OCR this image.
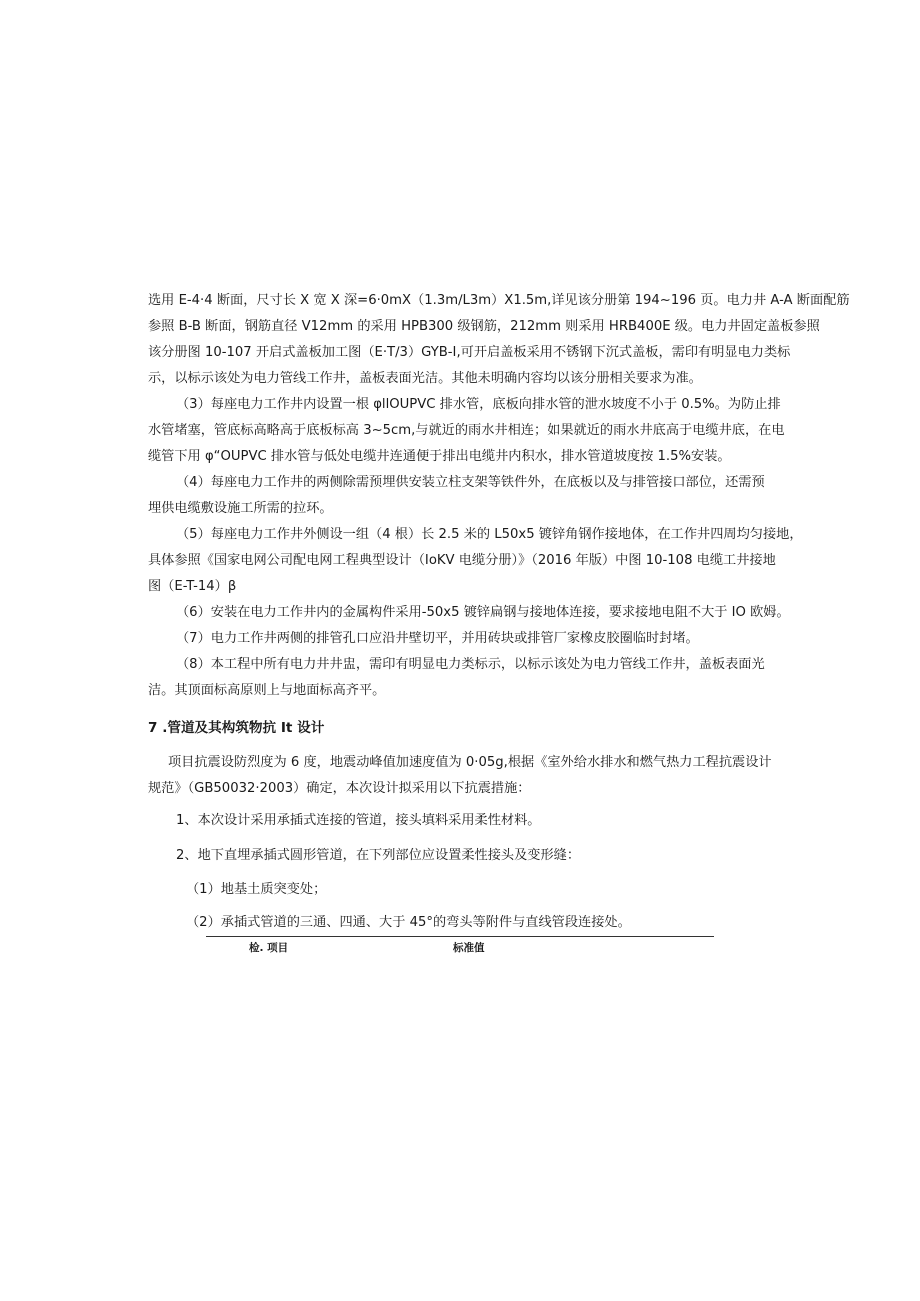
选用 E-4·4 断面，尺寸长 X 宽 X 深=6·0mX（1.3m∕L3m）X1.5m,详见该分册第 194~196 页。电力井 A-A 断面配筋

参照 B-B 断面，钢筋直径 V12mm 的采用 HPB300 级钢筋，212mm 则采用 HRB400E 级。电力井固定盖板参照

该分册图 10-107 开启式盖板加工图（E·T∕3）GYB-I,可开启盖板采用不锈钢下沉式盖板，需印有明显电力类标

示，以标示该处为电力管线工作井，盖板表面光洁。其他未明确内容均以该分册相关要求为准。

（3）每座电力工作井内设置一根 φllOUPVC 排水管，底板向排水管的泄水坡度不小于 0.5%。为防止排

水管堵塞，管底标高略高于底板标高 3~5cm,与就近的雨水井相连；如果就近的雨水井底高于电缆井底，在电

缆管下用 φ“OUPVC 排水管与低处电缆井连通便于排出电缆井内积水，排水管道坡度按 1.5%安装。

（4）每座电力工作井的两侧除需预埋供安装立柱支架等铁件外，在底板以及与排管接口部位，还需预

埋供电缆敷设施工所需的拉环。

（5）每座电力工作井外侧设一组（4 根）长 2.5 米的 L50x5 镀锌角钢作接地体，在工作井四周均匀接地，

具体参照《国家电网公司配电网工程典型设计（IoKV 电缆分册）》（2016 年版）中图 10-108 电缆工井接地

图（E-T-14）β

（6）安装在电力工作井内的金属构件采用-50x5 镀锌扁钢与接地体连接，要求接地电阻不大于 IO 欧姆。

（7）电力工作井两侧的排管孔口应沿井壁切平，并用砖块或排管厂家橡皮胶圈临时封堵。

（8）本工程中所有电力井井盅，需印有明显电力类标示，以标示该处为电力管线工作井，盖板表面光

洁。其顶面标高原则上与地面标高齐平。

7 .管道及其构筑物抗 It 设计

项目抗震设防烈度为 6 度，地震动峰值加速度值为 0·05g,根据《室外给水排水和燃气热力工程抗震设计

规范》（GB50032·2003）确定，本次设计拟采用以下抗震措施：

1、本次设计采用承插式连接的管道，接头填料采用柔性材料。

2、地下直埋承插式圆形管道，在下列部位应设置柔性接头及变形缝：

（1）地基土质突变处；

（2）承插式管道的三通、四通、大于 45°的弯头等附件与直线管段连接处。

检. 项目	标准值
